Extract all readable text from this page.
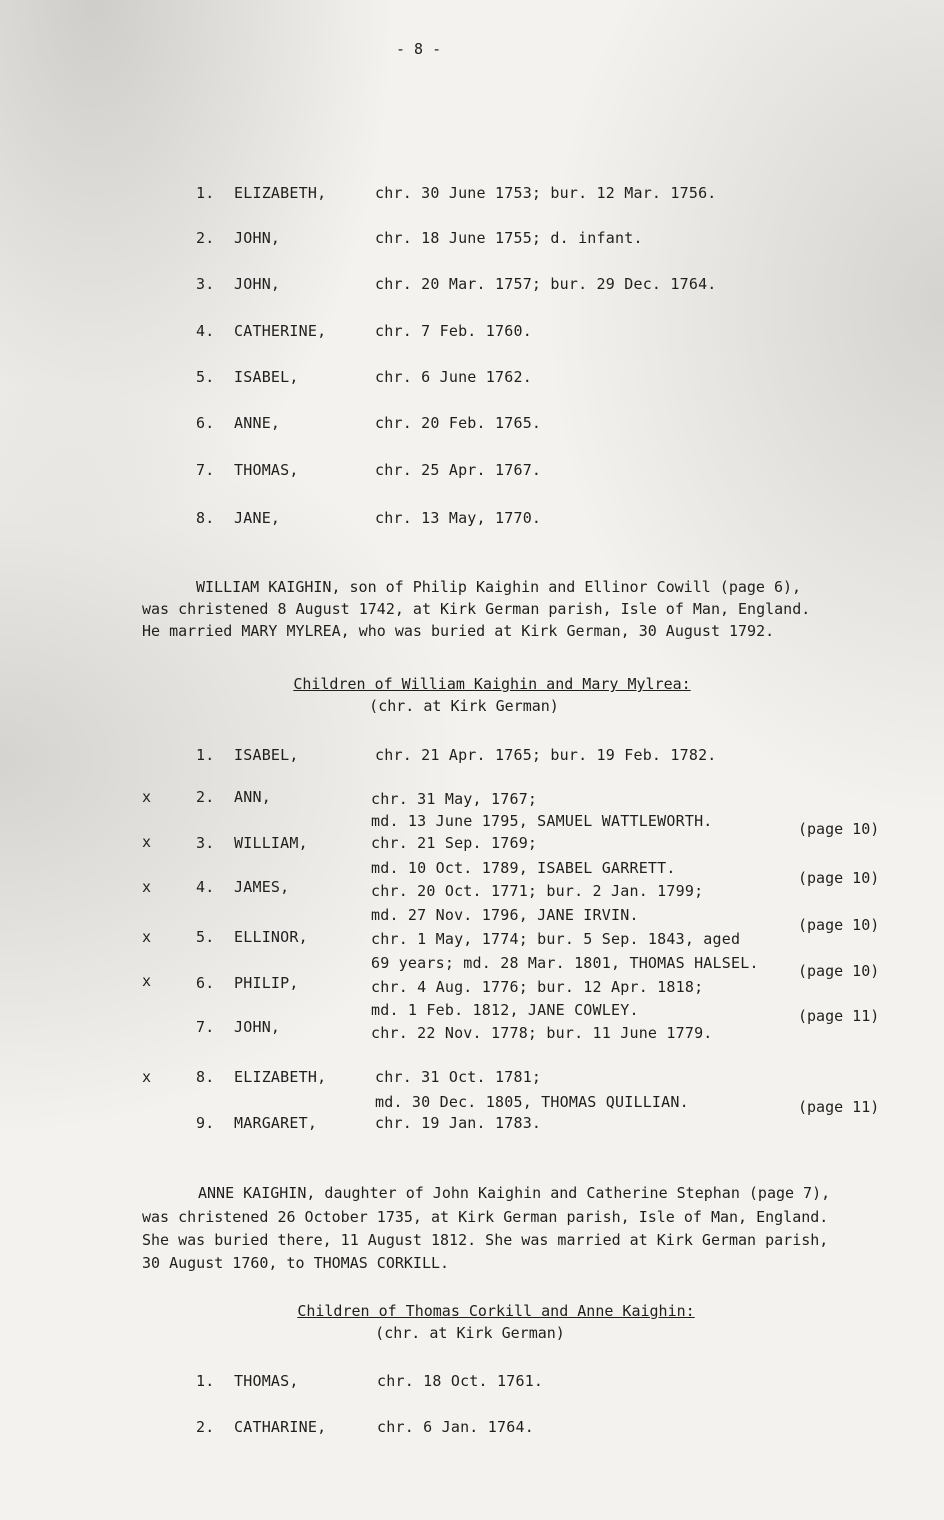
- 8 -
1. ELIZABETH,	chr. 30 June 1753; bur. 12 Mar. 1756.
2. JOHN,	chr. 18 June 1755; d. infant.
3. JOHN,	chr. 20 Mar. 1757; bur. 29 Dec. 1764.
4. CATHERINE,	chr. 7 Feb. 1760.
5. ISABEL,	chr. 6 June 1762.
6. ANNE,	chr. 20 Feb. 1765.
7. THOMAS,	chr. 25 Apr. 1767.
8. JANE,	chr. 13 May, 1770.
WILLIAM KAIGHIN, son of Philip Kaighin and Ellinor Cowill (page 6),
was christened 8 August 1742, at Kirk German parish, Isle of Man, England.
He married MARY MYLREA, who was buried at Kirk German, 30 August 1792.
Children of William Kaighin and Mary Mylrea:
(chr. at Kirk German)
1. ISABEL,	chr. 21 Apr. 1765; bur. 19 Feb. 1782.
x	2. ANN,	chr. 31 May, 1767;
md. 13 June 1795, SAMUEL WATTLEWORTH.	(page 10)
x	3. WILLIAM,	chr. 21 Sep. 1769;
md. 10 Oct. 1789, ISABEL GARRETT.
(page 10)
x	4. JAMES,	chr. 20 Oct. 1771; bur. 2 Jan. 1799;
md. 27 Nov. 1796, JANE IRVIN.
(page 10)
x	5. ELLINOR,	chr. 1 May, 1774; bur. 5 Sep. 1843, aged
69 years; md. 28 Mar. 1801, THOMAS HALSEL.	(page 10)
x	6. PHILIP,	chr. 4 Aug. 1776; bur. 12 Apr. 1818;
md. 1 Feb. 1812, JANE COWLEY.	(page 11)
7. JOHN,	chr. 22 Nov. 1778; bur. 11 June 1779.
x	8. ELIZABETH,	chr. 31 Oct. 1781;
md. 30 Dec. 1805, THOMAS QUILLIAN.	(page 11)
9. MARGARET,	chr. 19 Jan. 1783.
ANNE KAIGHIN, daughter of John Kaighin and Catherine Stephan (page 7),
was christened 26 October 1735, at Kirk German parish, Isle of Man, England.
She was buried there, 11 August 1812. She was married at Kirk German parish,
30 August 1760, to THOMAS CORKILL.
Children of Thomas Corkill and Anne Kaighin:
(chr. at Kirk German)
1. THOMAS,	chr. 18 Oct. 1761.
2. CATHARINE,	chr. 6 Jan. 1764.
